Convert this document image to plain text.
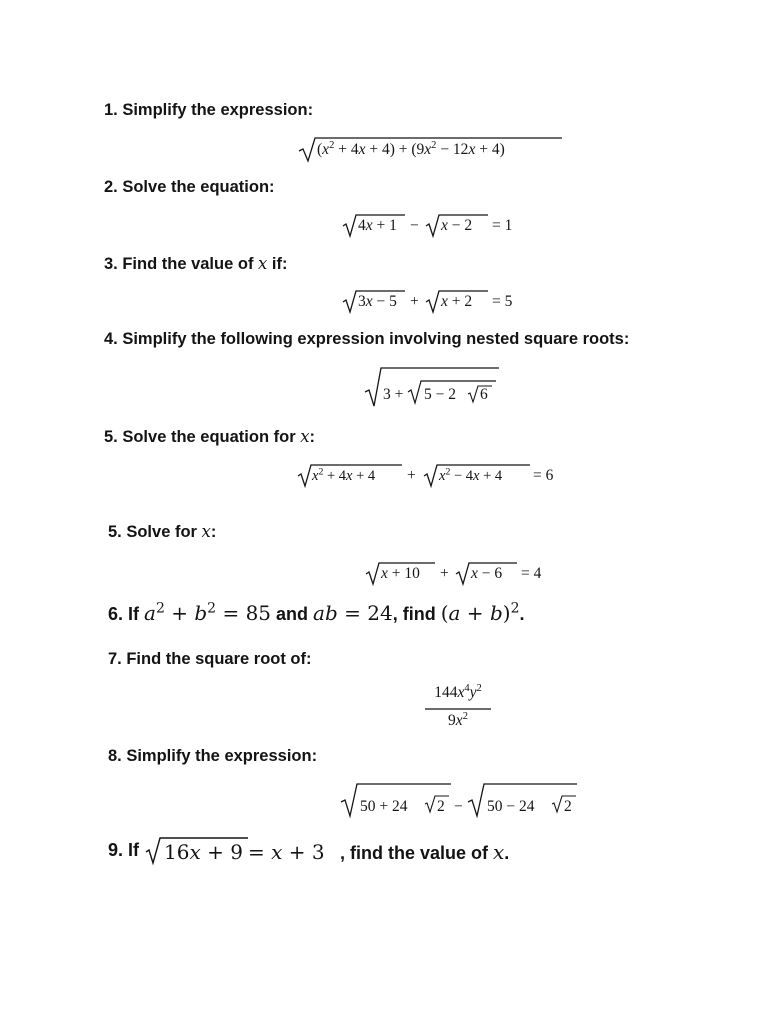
1. Simplify the expression:

$(x^2 + 4x + 4) + (9x^2 - 12x + 4)$

2. Solve the equation:

4x + 1 − x − 2 = 1

3. Find the value of x if:

3x − 5 + x + 2 = 5

4. Simplify the following expression involving nested square roots:

3 + 5 − 2 6

5. Solve the equation for x:

$x^2 + 4x + 4 + x^2 - 4x + 4 = 6$

5. Solve for x:

x + 10 + x − 6 = 4

6. If $a^2 + b^2 = 85$ and ab = 24, find $(a + b)^2$.

7. Find the square root of:

$144x^4y^2$
$9x^2$

8. Simplify the expression:

50 + 24 2 − 50 − 24 2
9. If 16x + 9 = x + 3 , find the value of x.
